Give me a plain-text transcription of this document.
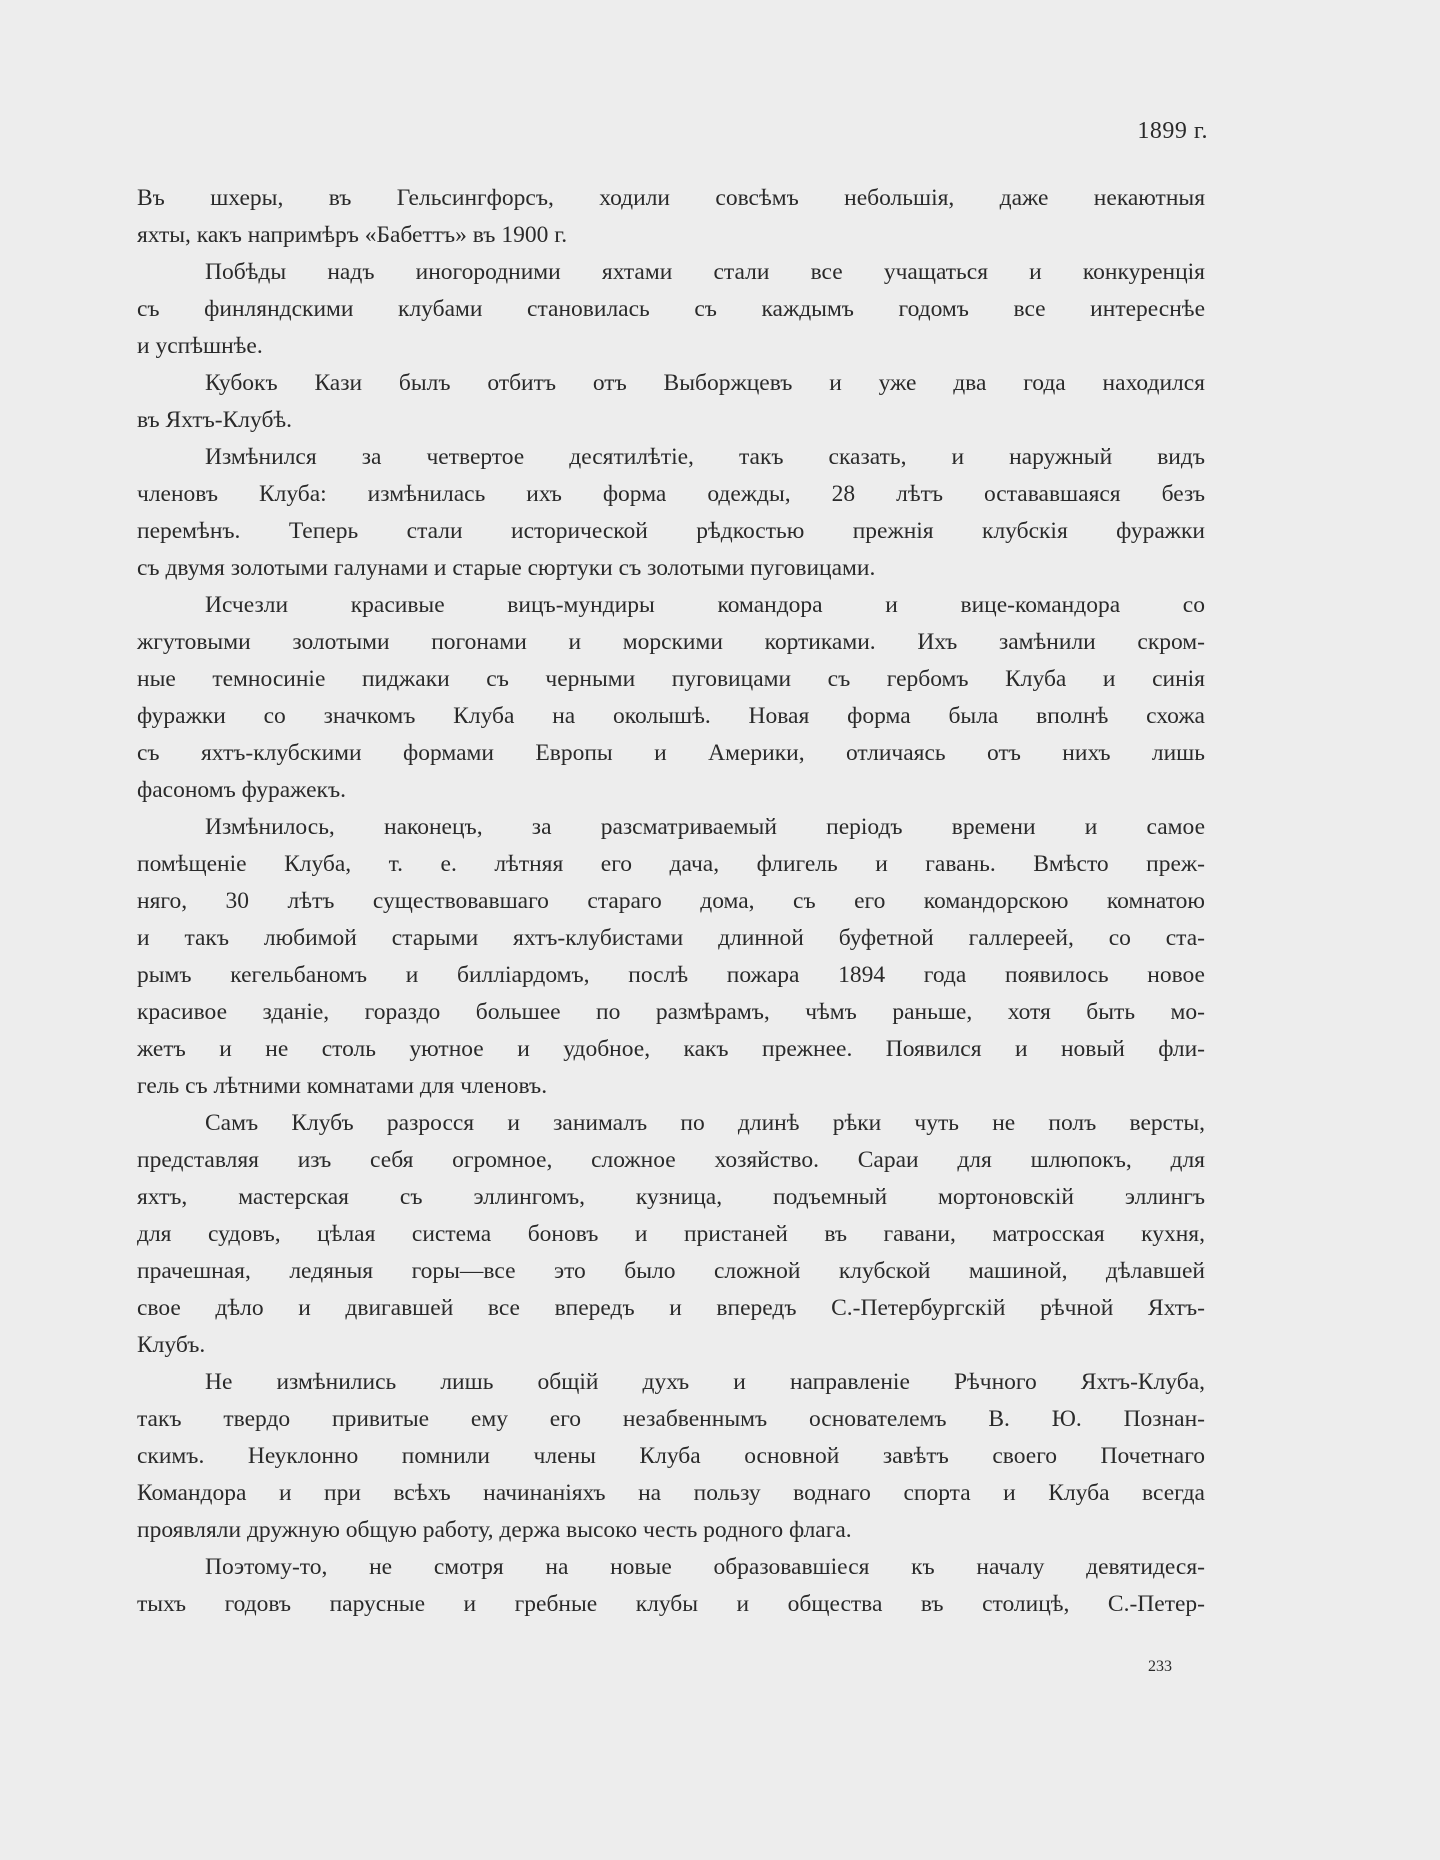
1899 г.
Въ шхеры, въ Гельсингфорсъ, ходили совсѣмъ небольшія, даже некаютныя
яхты, какъ напримѣръ «Бабеттъ» въ 1900 г.
Побѣды надъ иногородними яхтами стали все учащаться и конкуренція
съ финляндскими клубами становилась съ каждымъ годомъ все интереснѣе
и успѣшнѣе.
Кубокъ Кази былъ отбитъ отъ Выборжцевъ и уже два года находился
въ Яхтъ-Клубѣ.
Измѣнился за четвертое десятилѣтіе, такъ сказать, и наружный видъ
членовъ Клуба: измѣнилась ихъ форма одежды, 28 лѣтъ остававшаяся безъ
перемѣнъ. Теперь стали исторической рѣдкостью прежнія клубскія фуражки
съ двумя золотыми галунами и старые сюртуки съ золотыми пуговицами.
Исчезли красивые вицъ-мундиры командора и вице-командора со
жгутовыми золотыми погонами и морскими кортиками. Ихъ замѣнили скром-
ные темносиніе пиджаки съ черными пуговицами съ гербомъ Клуба и синія
фуражки со значкомъ Клуба на околышѣ. Новая форма была вполнѣ схожа
съ яхтъ-клубскими формами Европы и Америки, отличаясь отъ нихъ лишь
фасономъ фуражекъ.
Измѣнилось, наконецъ, за разсматриваемый періодъ времени и самое
помѣщеніе Клуба, т. е. лѣтняя его дача, флигель и гавань. Вмѣсто преж-
няго, 30 лѣтъ существовавшаго стараго дома, съ его командорскою комнатою
и такъ любимой старыми яхтъ-клубистами длинной буфетной галлереей, со ста-
рымъ кегельбаномъ и билліардомъ, послѣ пожара 1894 года появилось новое
красивое зданіе, гораздо большее по размѣрамъ, чѣмъ раньше, хотя быть мо-
жетъ и не столь уютное и удобное, какъ прежнее. Появился и новый фли-
гель съ лѣтними комнатами для членовъ.
Самъ Клубъ разросся и занималъ по длинѣ рѣки чуть не полъ версты,
представляя изъ себя огромное, сложное хозяйство. Сараи для шлюпокъ, для
яхтъ, мастерская съ эллингомъ, кузница, подъемный мортоновскій эллингъ
для судовъ, цѣлая система боновъ и пристаней въ гавани, матросская кухня,
прачешная, ледяныя горы—все это было сложной клубской машиной, дѣлавшей
свое дѣло и двигавшей все впередъ и впередъ С.-Петербургскій рѣчной Яхтъ-
Клубъ.
Не измѣнились лишь общій духъ и направленіе Рѣчного Яхтъ-Клуба,
такъ твердо привитые ему его незабвеннымъ основателемъ В. Ю. Познан-
скимъ. Неуклонно помнили члены Клуба основной завѣтъ своего Почетнаго
Командора и при всѣхъ начинаніяхъ на пользу воднаго спорта и Клуба всегда
проявляли дружную общую работу, держа высоко честь родного флага.
Поэтому-то, не смотря на новые образовавшіеся къ началу девятидеся-
тыхъ годовъ парусные и гребные клубы и общества въ столицѣ, С.-Петер-
233
